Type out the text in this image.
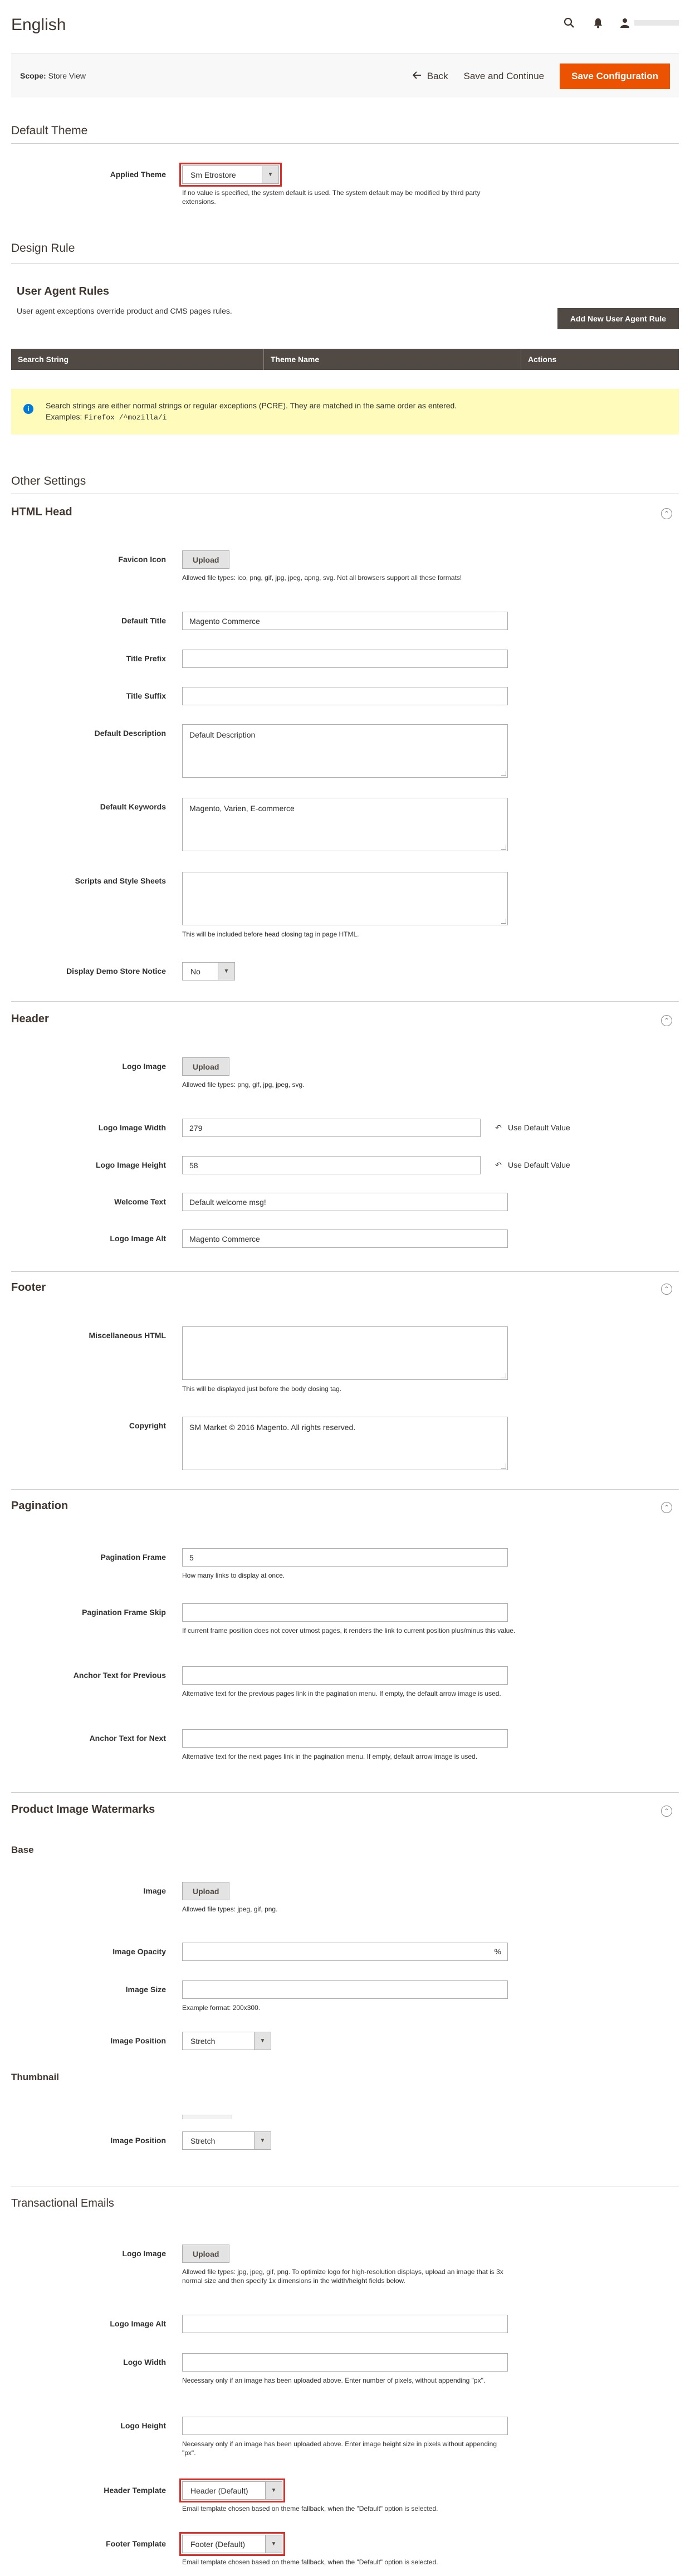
English
Scope: Store View	Back Save and Continue	Save Configuration
Default Theme
Applied Theme	Sm Etrostore	▼
If no value is specified, the system default is used. The system default may be modified by third party extensions.
Design Rule
User Agent Rules
User agent exceptions override product and CMS pages rules.
Add New User Agent Rule
Search String	Theme Name	Actions
i	Search strings are either normal strings or regular exceptions (PCRE). They are matched in the same order as entered.
Examples: Firefox /^mozilla/i
Other Settings
HTML Head	⌃
Favicon Icon	Upload
Allowed file types: ico, png, gif, jpg, jpeg, apng, svg. Not all browsers support all these formats!
Default Title	Magento Commerce
Title Prefix
Title Suffix
Default Description	Default Description
Default Keywords	Magento, Varien, E-commerce
Scripts and Style Sheets
This will be included before head closing tag in page HTML.
Display Demo Store Notice	No	▼
Header	⌃
Logo Image	Upload
Allowed file types: png, gif, jpg, jpeg, svg.
Logo Image Width	279	↶ Use Default Value
Logo Image Height	58	↶ Use Default Value
Welcome Text	Default welcome msg!
Logo Image Alt	Magento Commerce
Footer	⌃
Miscellaneous HTML
This will be displayed just before the body closing tag.
Copyright	SM Market © 2016 Magento. All rights reserved.
Pagination	⌃
Pagination Frame	5
How many links to display at once.
Pagination Frame Skip
If current frame position does not cover utmost pages, it renders the link to current position plus/minus this value.
Anchor Text for Previous
Alternative text for the previous pages link in the pagination menu. If empty, the default arrow image is used.
Anchor Text for Next
Alternative text for the next pages link in the pagination menu. If empty, default arrow image is used.
Product Image Watermarks	⌃
Base
Image	Upload
Allowed file types: jpeg, gif, png.
Image Opacity	%
Image Size
Example format: 200x300.
Image Position	Stretch	▼
Thumbnail
Image Position	Stretch	▼
Transactional Emails
Logo Image	Upload
Allowed file types: jpg, jpeg, gif, png. To optimize logo for high-resolution displays, upload an image that is 3x normal size and then specify 1x dimensions in the width/height fields below.
Logo Image Alt
Logo Width
Necessary only if an image has been uploaded above. Enter number of pixels, without appending "px".
Logo Height
Necessary only if an image has been uploaded above. Enter image height size in pixels without appending "px".
Header Template	Header (Default)	▼
Email template chosen based on theme fallback, when the "Default" option is selected.
Footer Template	Footer (Default)	▼
Email template chosen based on theme fallback, when the "Default" option is selected.
